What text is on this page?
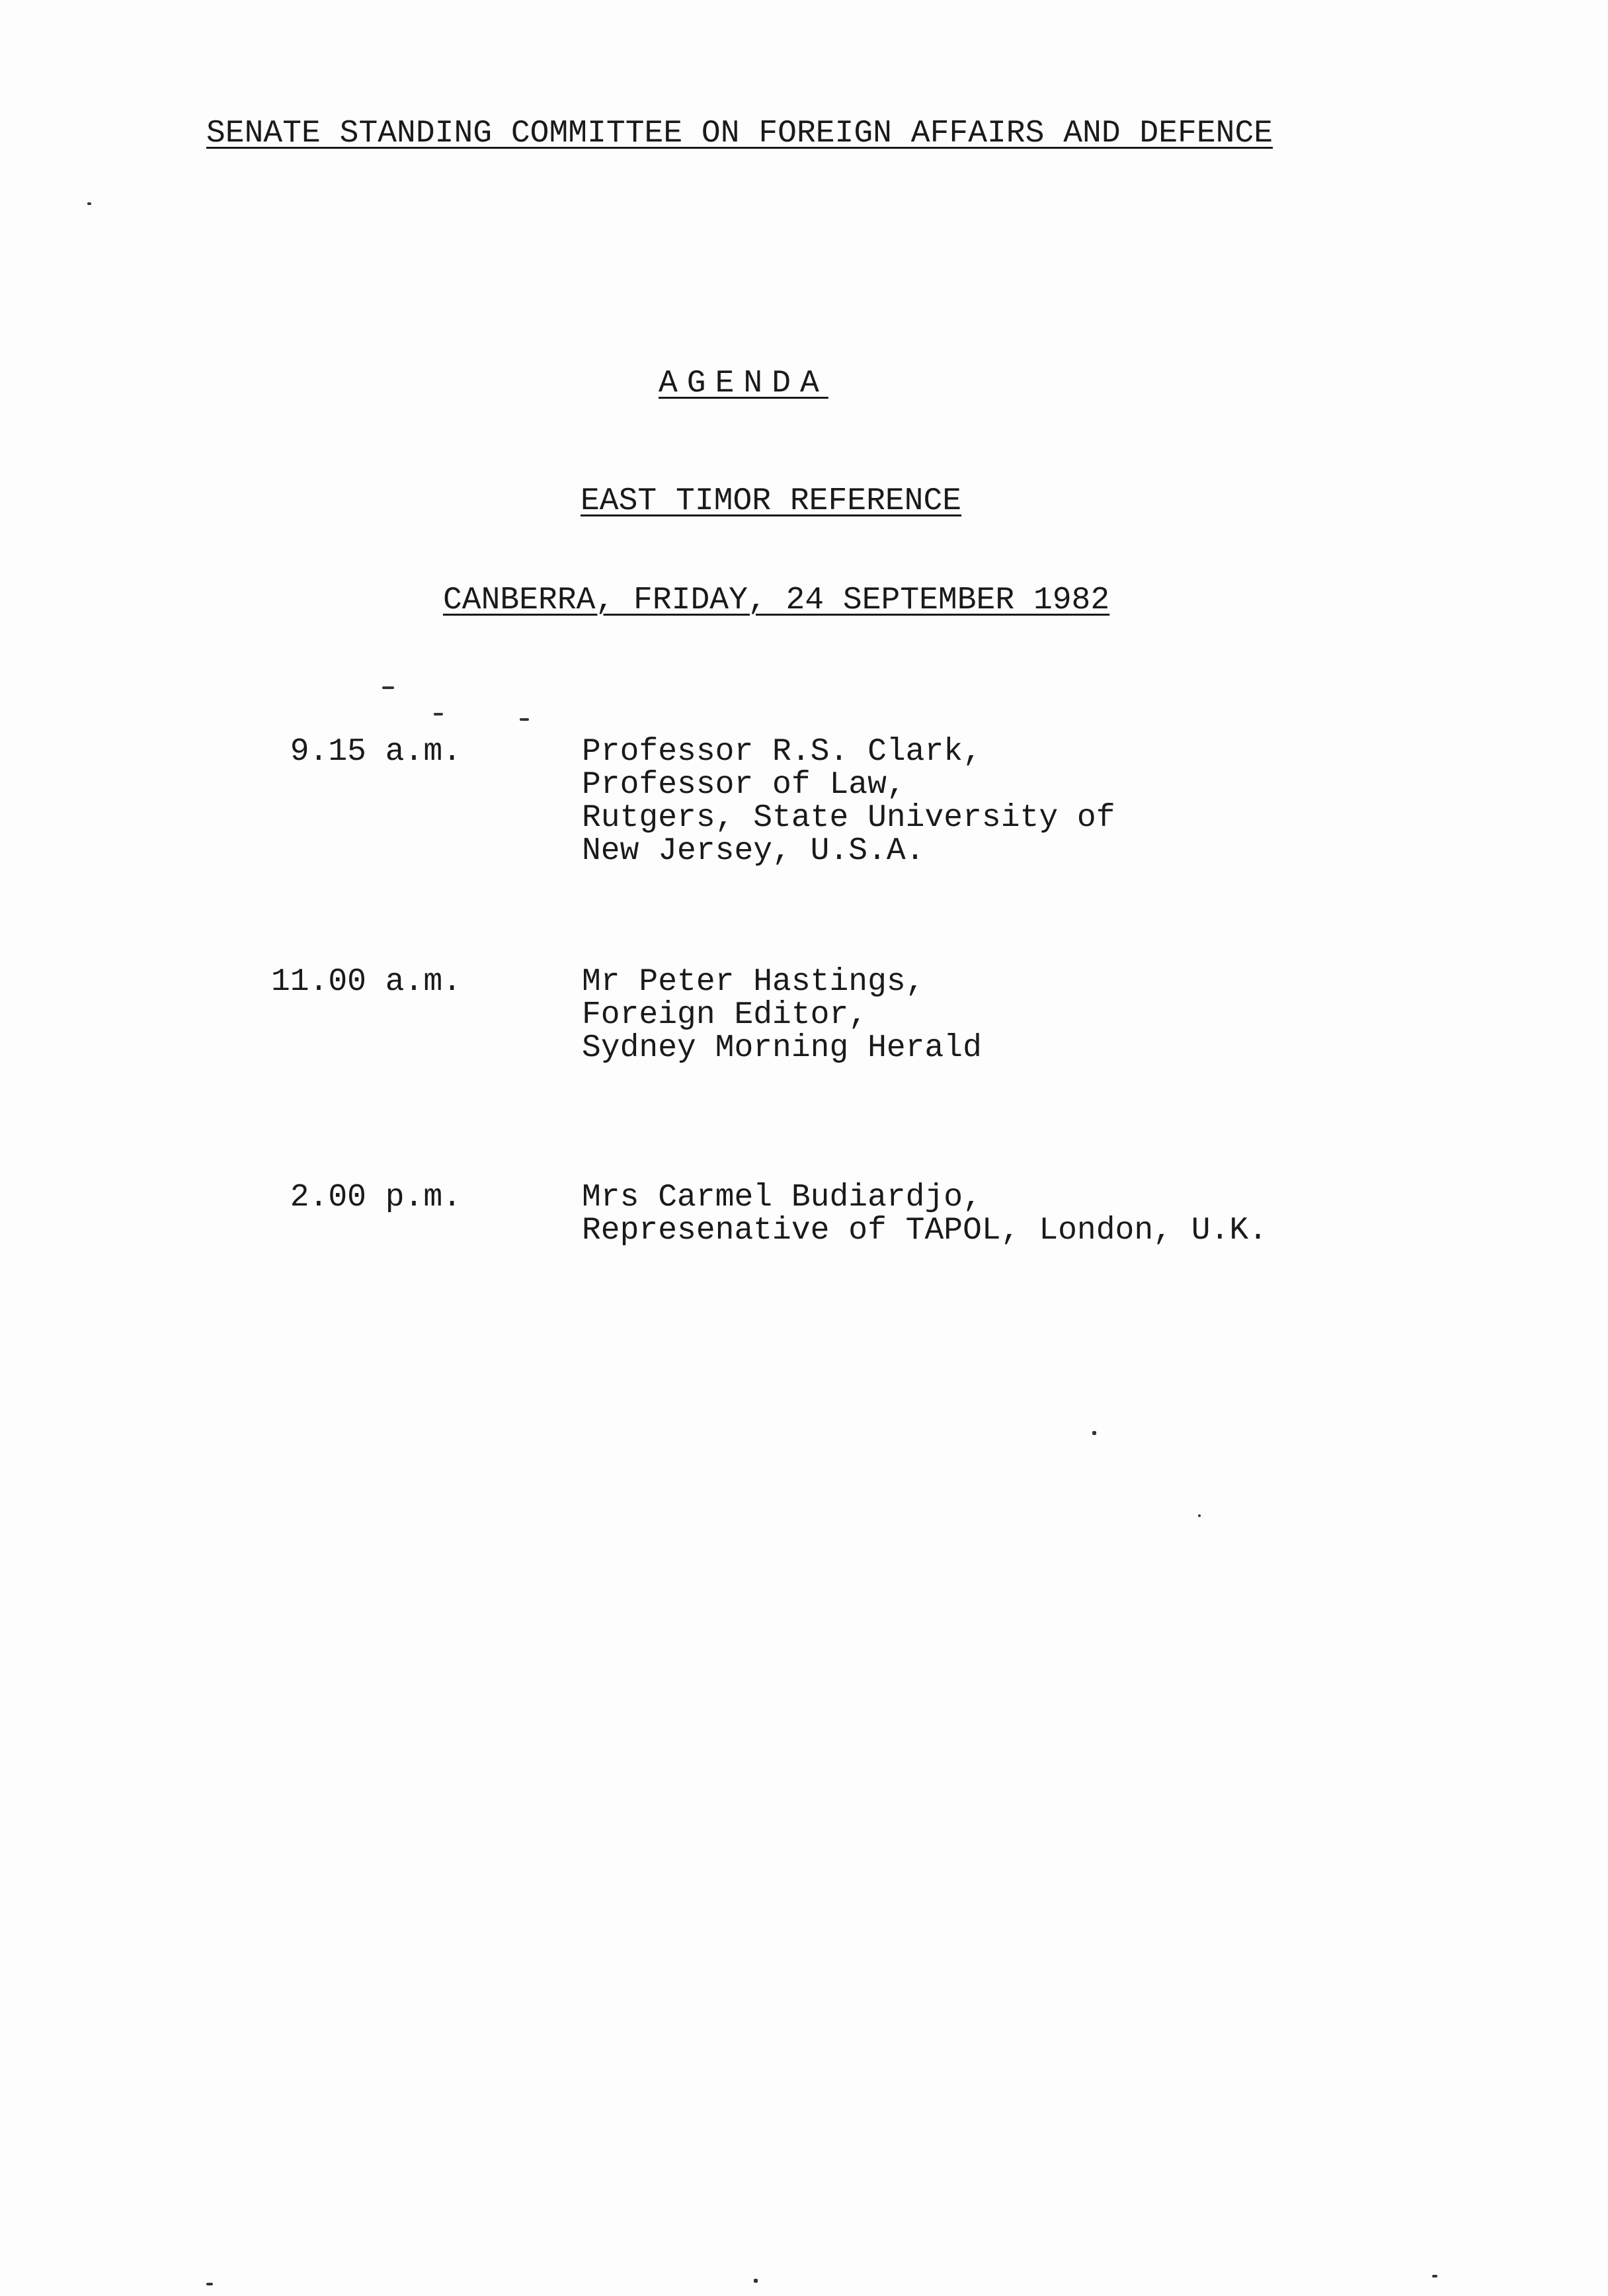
SENATE STANDING COMMITTEE ON FOREIGN AFFAIRS AND DEFENCE
AGENDA
EAST TIMOR REFERENCE
CANBERRA, FRIDAY, 24 SEPTEMBER 1982
9.15 a.m.	Professor R.S. Clark,
Professor of Law,
Rutgers, State University of
New Jersey, U.S.A.
11.00 a.m.	Mr Peter Hastings,
Foreign Editor,
Sydney Morning Herald
2.00 p.m.	Mrs Carmel Budiardjo,
Represenative of TAPOL, London, U.K.
